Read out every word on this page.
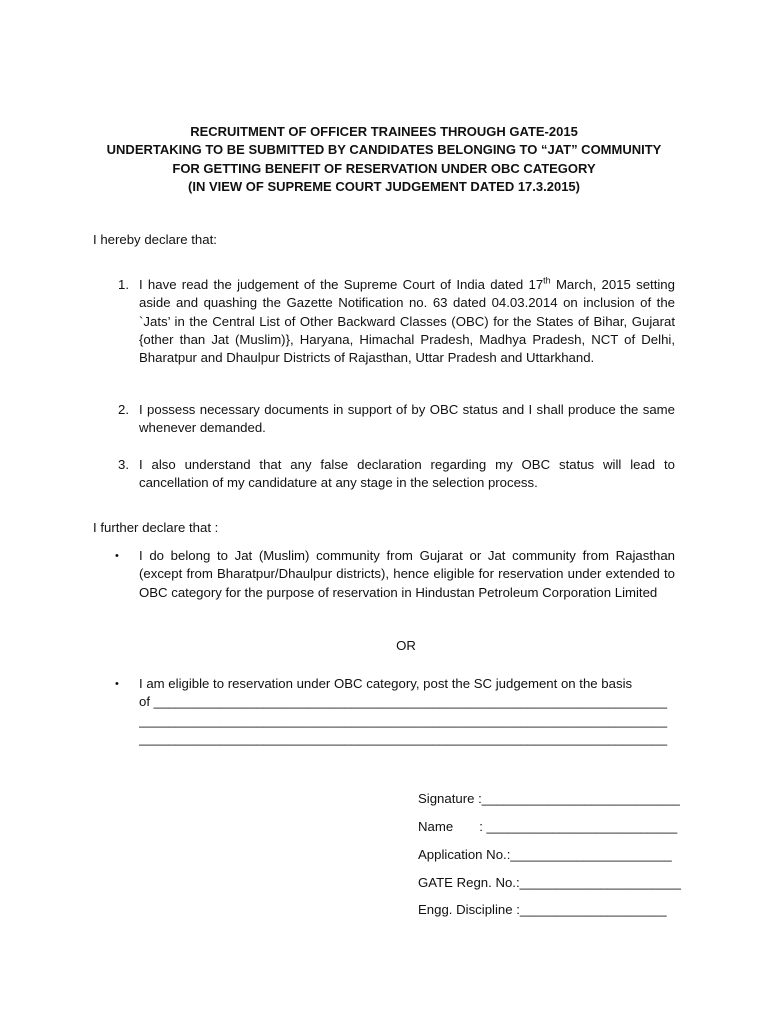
RECRUITMENT OF OFFICER TRAINEES THROUGH GATE-2015
UNDERTAKING TO BE SUBMITTED BY CANDIDATES BELONGING TO “JAT” COMMUNITY
FOR GETTING BENEFIT OF RESERVATION UNDER OBC CATEGORY
(IN VIEW OF SUPREME COURT JUDGEMENT DATED 17.3.2015)
I hereby declare that:
1. I have read the judgement of the Supreme Court of India dated 17th March, 2015 setting aside and quashing the Gazette Notification no. 63 dated 04.03.2014 on inclusion of the `Jats’ in the Central List of Other Backward Classes (OBC) for the States of Bihar, Gujarat {other than Jat (Muslim)}, Haryana, Himachal Pradesh, Madhya Pradesh, NCT of Delhi, Bharatpur and Dhaulpur Districts of Rajasthan, Uttar Pradesh and Uttarkhand.
2. I possess necessary documents in support of by OBC status and I shall produce the same whenever demanded.
3. I also understand that any false declaration regarding my OBC status will lead to cancellation of my candidature at any stage in the selection process.
I further declare that :
• I do belong to Jat (Muslim) community from Gujarat or Jat community from Rajasthan (except from Bharatpur/Dhaulpur districts), hence eligible for reservation under extended to OBC category for the purpose of reservation in Hindustan Petroleum Corporation Limited
OR
• I am eligible to reservation under OBC category, post the SC judgement on the basis
of ______________________________________________________________________
________________________________________________________________________
________________________________________________________________________
Signature :___________________________
Name : __________________________
Application No.:______________________
GATE Regn. No.:______________________
Engg. Discipline :____________________
